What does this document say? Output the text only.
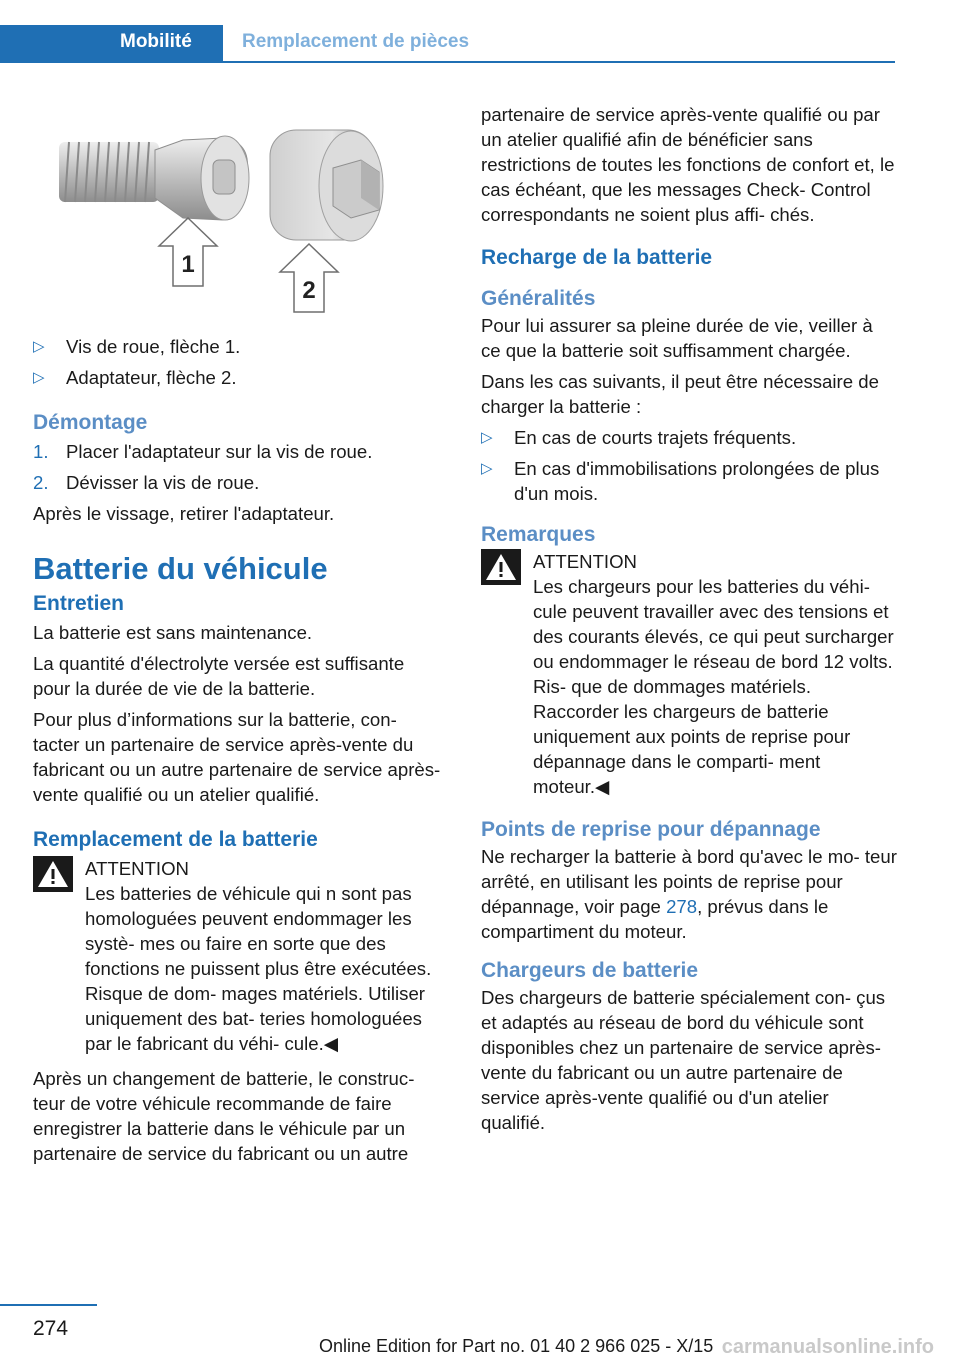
Mobilité	Remplacement de pièces
1
2
▷ Vis de roue, flèche 1.
▷ Adaptateur, flèche 2.
Démontage
1. Placer l'adaptateur sur la vis de roue.
2. Dévisser la vis de roue.

Après le vissage, retirer l'adaptateur.

Batterie du véhicule
Entretien

La batterie est sans maintenance.

La quantité d'électrolyte versée est suffisante pour la durée de vie de la batterie.

Pour plus d’informations sur la batterie, con‐ tacter un partenaire de service après-vente du fabricant ou un autre partenaire de service après-vente qualifié ou un atelier qualifié.

Remplacement de la batterie
ATTENTION
Les batteries de véhicule qui n sont pas homologuées peuvent endommager les systè‐ mes ou faire en sorte que des fonctions ne puissent plus être exécutées. Risque de dom‐ mages matériels. Utiliser uniquement des bat‐ teries homologuées par le fabricant du véhi‐ cule.◀

Après un changement de batterie, le construc‐ teur de votre véhicule recommande de faire enregistrer la batterie dans le véhicule par un partenaire de service du fabricant ou un autre

partenaire de service après-vente qualifié ou par un atelier qualifié afin de bénéficier sans restrictions de toutes les fonctions de confort et, le cas échéant, que les messages Check- Control correspondants ne soient plus affi‐ chés.

Recharge de la batterie
Généralités

Pour lui assurer sa pleine durée de vie, veiller à ce que la batterie soit suffisamment chargée.

Dans les cas suivants, il peut être nécessaire de charger la batterie :

▷ En cas de courts trajets fréquents.
▷ En cas d'immobilisations prolongées de plus d'un mois.
Remarques
ATTENTION
Les chargeurs pour les batteries du véhi‐ cule peuvent travailler avec des tensions et des courants élevés, ce qui peut surcharger ou endommager le réseau de bord 12 volts. Ris‐ que de dommages matériels. Raccorder les chargeurs de batterie uniquement aux points de reprise pour dépannage dans le comparti‐ ment moteur.◀
Points de reprise pour dépannage

Ne recharger la batterie à bord qu'avec le mo‐ teur arrêté, en utilisant les points de reprise pour dépannage, voir page 278, prévus dans le compartiment du moteur.

Chargeurs de batterie

Des chargeurs de batterie spécialement con‐ çus et adaptés au réseau de bord du véhicule sont disponibles chez un partenaire de service après-vente du fabricant ou un autre partenaire de service après-vente qualifié ou d'un atelier qualifié.

274
Online Edition for Part no. 01 40 2 966 025 - X/15 carmanualsonline.info
